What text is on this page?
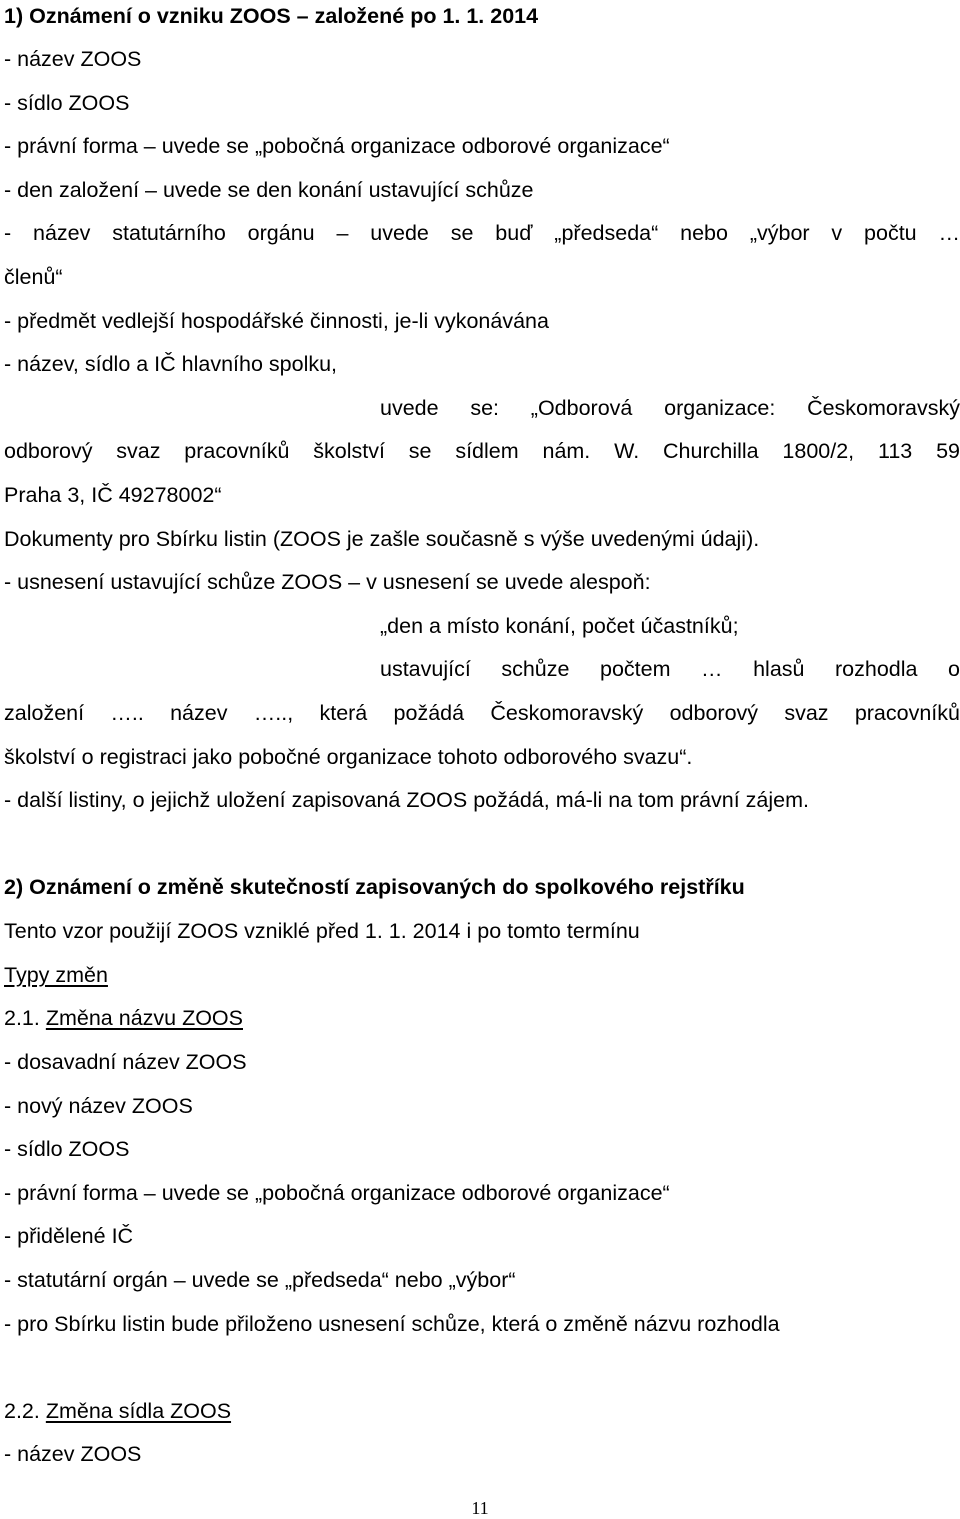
1) Oznámení o vzniku ZOOS – založené po 1. 1. 2014
- název ZOOS
- sídlo ZOOS
- právní forma – uvede se „pobočná organizace odborové organizace“
- den založení – uvede se den konání ustavující schůze
- název statutárního orgánu – uvede se buď „předseda“ nebo „výbor v počtu …
členů“
- předmět vedlejší hospodářské činnosti, je-li vykonávána
- název, sídlo a IČ hlavního spolku,
uvede se: „Odborová organizace: Českomoravský
odborový svaz pracovníků školství se sídlem nám. W. Churchilla 1800/2, 113 59
Praha 3, IČ 49278002“
Dokumenty pro Sbírku listin (ZOOS je zašle současně s výše uvedenými údaji).
- usnesení ustavující schůze ZOOS – v usnesení se uvede alespoň:
„den a místo konání, počet účastníků;
ustavující schůze počtem … hlasů rozhodla o
založení ….. název ….., která požádá Českomoravský odborový svaz pracovníků
školství o registraci jako pobočné organizace tohoto odborového svazu“.
- další listiny, o jejichž uložení zapisovaná ZOOS požádá, má-li na tom právní zájem.
2) Oznámení o změně skutečností zapisovaných do spolkového rejstříku
Tento vzor použijí ZOOS vzniklé před 1. 1. 2014 i po tomto termínu
Typy změn
2.1. Změna názvu ZOOS
- dosavadní název ZOOS
- nový název ZOOS
- sídlo ZOOS
- právní forma – uvede se „pobočná organizace odborové organizace“
- přidělené IČ
- statutární orgán – uvede se „předseda“ nebo „výbor“
- pro Sbírku listin bude přiloženo usnesení schůze, která o změně názvu rozhodla
2.2. Změna sídla ZOOS
- název ZOOS
11
